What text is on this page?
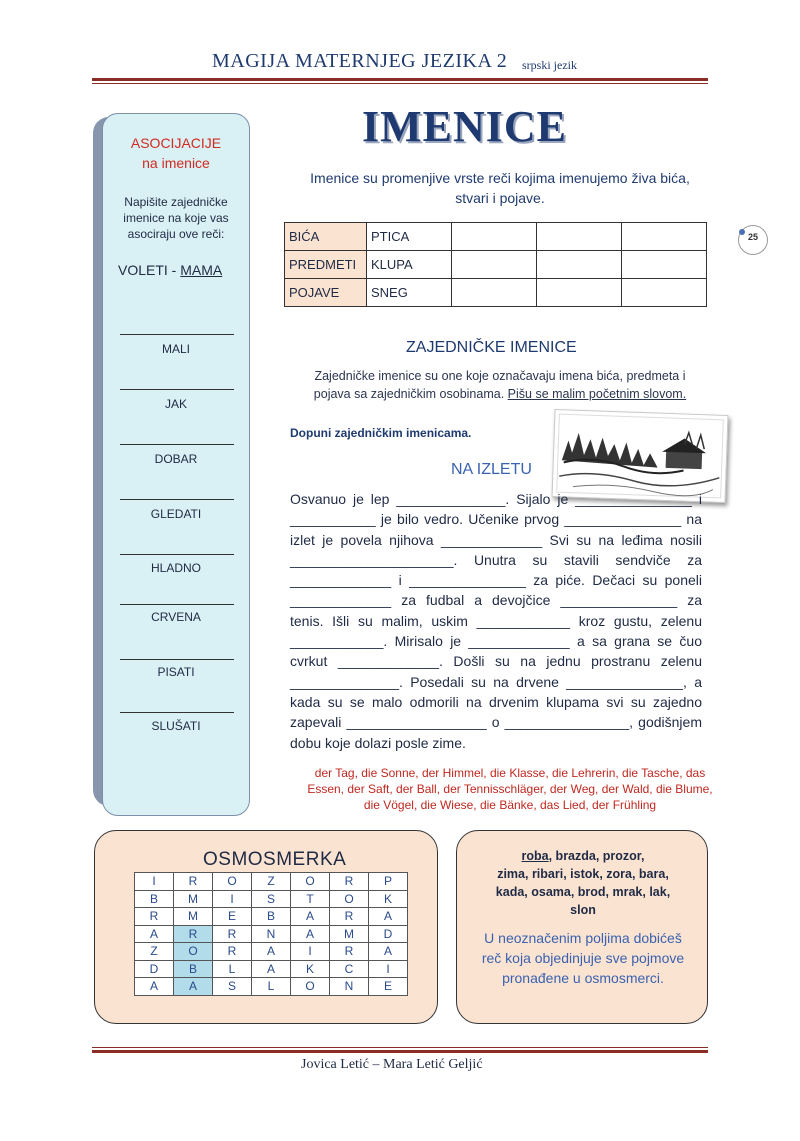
MAGIJA MATERNJEG JEZIKA 2 srpski jezik
ASOCIJACIJE
na imenice
Napišite zajedničke
imenice na koje vas
asociraju ove reči:
VOLETI - MAMA
MALI
JAK
DOBAR
GLEDATI
HLADNO
CRVENA
PISATI
SLUŠATI
IMENICE
Imenice su promenjive vrste reči kojima imenujemo živa bića,
stvari i pojave.
BIĆA	PTICA			
PREDMETI	KLUPA			
POJAVE	SNEG			
25
ZAJEDNIČKE IMENICE
Zajedničke imenice su one koje označavaju imena bića, predmeta i
pojava sa zajedničkim osobinama. Pišu se malim početnim slovom.
Dopuni zajedničkim imenicama.
NA IZLETU
Osvanuo je lep ______________. Sijalo je _______________ i ___________ je bilo vedro. Učenike prvog _______________ na izlet je povela njihova _____________ Svi su na leđima nosili _____________________. Unutra su stavili sendviče za _____________ i _______________ za piće. Dečaci su poneli _____________ za fudbal a devojčice _______________ za tenis. Išli su malim, uskim ____________ kroz gustu, zelenu ____________. Mirisalo je _____________ a sa grana se čuo cvrkut _____________. Došli su na jednu prostranu zelenu ______________. Posedali su na drvene _______________, a kada su se malo odmorili na drvenim klupama svi su zajedno zapevali __________________ o ________________, godišnjem dobu koje dolazi posle zime.
der Tag, die Sonne, der Himmel, die Klasse, die Lehrerin, die Tasche, das Essen, der Saft, der Ball, der Tennisschläger, der Weg, der Wald, die Blume, die Vögel, die Wiese, die Bänke, das Lied, der Frühling
OSMOSMERKA
I	R	O	Z	O	R	P
B	M	I	S	T	O	K
R	M	E	B	A	R	A
A	R	R	N	A	M	D
Z	O	R	A	I	R	A
D	B	L	A	K	C	I
A	A	S	L	O	N	E
roba, brazda, prozor,
zima, ribari, istok, zora, bara,
kada, osama, brod, mrak, lak,
slon
U neoznačenim poljima dobićeš reč koja objedinjuje sve pojmove pronađene u osmosmerci.
Jovica Letić – Mara Letić Geljić
